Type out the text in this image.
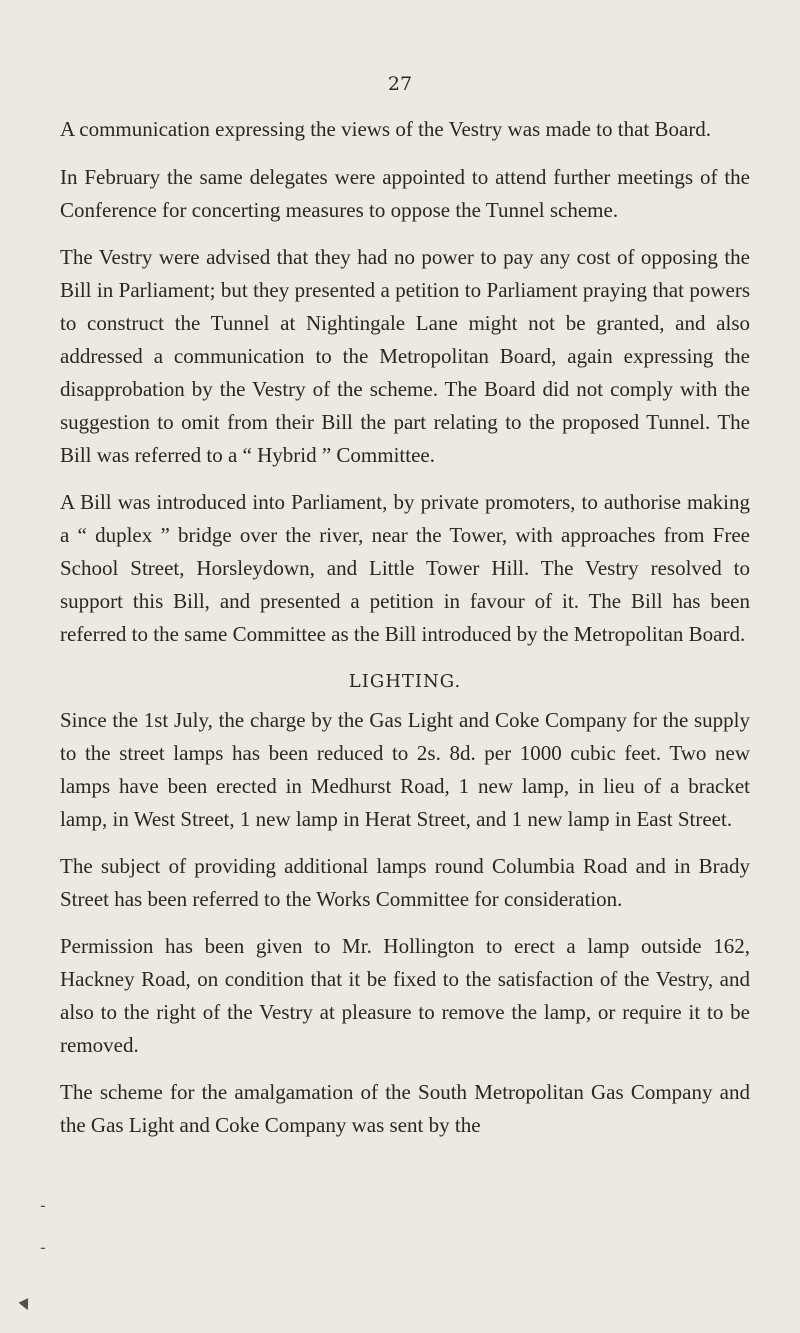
27

A communication expressing the views of the Vestry was made to that Board.

In February the same delegates were appointed to attend further meetings of the Conference for concerting measures to oppose the Tunnel scheme.

The Vestry were advised that they had no power to pay any cost of opposing the Bill in Parliament; but they presented a petition to Parliament praying that powers to construct the Tunnel at Nightingale Lane might not be granted, and also addressed a communication to the Metropolitan Board, again expressing the disapprobation by the Vestry of the scheme. The Board did not comply with the suggestion to omit from their Bill the part relating to the proposed Tunnel. The Bill was referred to a “ Hybrid ” Committee.

A Bill was introduced into Parliament, by private promoters, to authorise making a “ duplex ” bridge over the river, near the Tower, with approaches from Free School Street, Horsleydown, and Little Tower Hill. The Vestry resolved to support this Bill, and presented a petition in favour of it. The Bill has been referred to the same Committee as the Bill introduced by the Metropolitan Board.

LIGHTING.

Since the 1st July, the charge by the Gas Light and Coke Company for the supply to the street lamps has been reduced to 2s. 8d. per 1000 cubic feet. Two new lamps have been erected in Medhurst Road, 1 new lamp, in lieu of a bracket lamp, in West Street, 1 new lamp in Herat Street, and 1 new lamp in East Street.

The subject of providing additional lamps round Columbia Road and in Brady Street has been referred to the Works Committee for consideration.

Permission has been given to Mr. Hollington to erect a lamp outside 162, Hackney Road, on condition that it be fixed to the satisfaction of the Vestry, and also to the right of the Vestry at pleasure to remove the lamp, or require it to be removed.

The scheme for the amalgamation of the South Metropolitan Gas Company and the Gas Light and Coke Company was sent by the

-
-
▼
